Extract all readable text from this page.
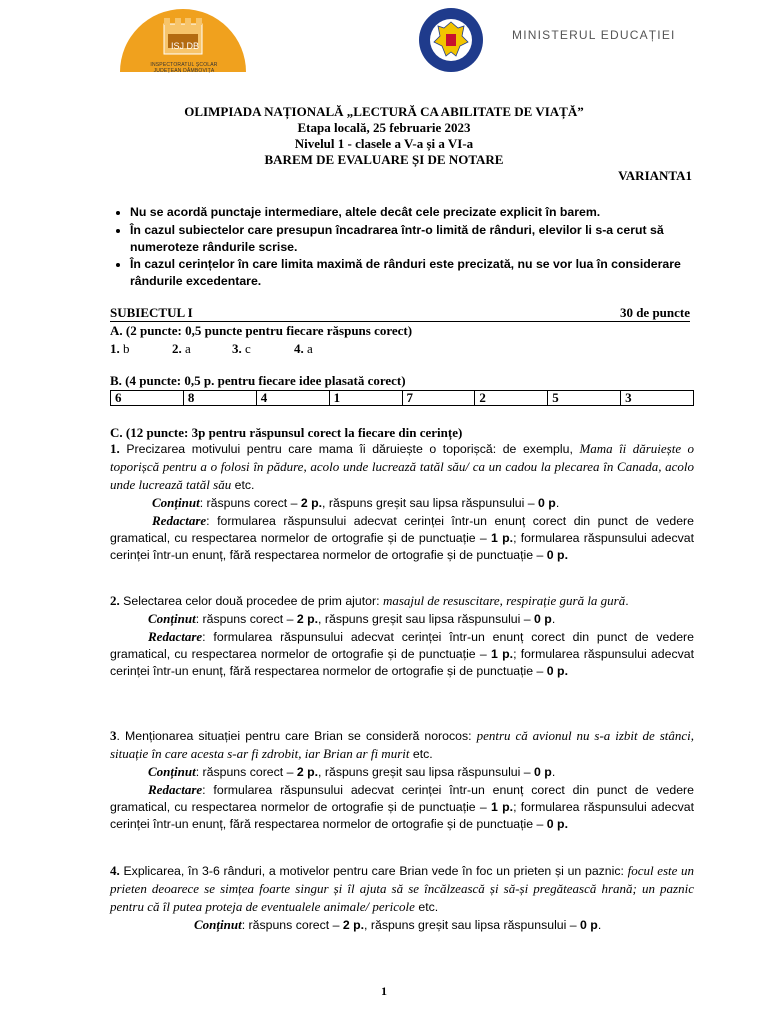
ISJ DB
INSPECTORATUL ȘCOLAR JUDEȚEAN DÂMBOVIȚA
MINISTERUL EDUCAȚIEI
OLIMPIADA NAȚIONALĂ „LECTURĂ CA ABILITATE DE VIAȚĂ”
Etapa locală, 25 februarie 2023
Nivelul 1 - clasele a V-a și a VI-a
BAREM DE EVALUARE ȘI DE NOTARE
VARIANTA1
• Nu se acordă punctaje intermediare, altele decât cele precizate explicit în barem.
• În cazul subiectelor care presupun încadrarea într-o limită de rânduri, elevilor li s-a cerut să numeroteze rândurile scrise.
• În cazul cerințelor în care limita maximă de rânduri este precizată, nu se vor lua în considerare rândurile excedentare.
SUBIECTUL I	30 de puncte
A. (2 puncte: 0,5 puncte pentru fiecare răspuns corect)
1. b	2. a	3. c	4. a
B. (4 puncte: 0,5 p. pentru fiecare idee plasată corect)
6	8	4	1	7	2	5	3
C. (12 puncte: 3p pentru răspunsul corect la fiecare din cerințe)
1. Precizarea motivului pentru care mama îi dăruiește o toporișcă: de exemplu, Mama îi dăruiește o toporișcă pentru a o folosi în pădure, acolo unde lucrează tatăl său/ ca un cadou la plecarea în Canada, acolo unde lucrează tatăl său etc.
Conținut: răspuns corect – 2 p., răspuns greșit sau lipsa răspunsului – 0 p.
Redactare: formularea răspunsului adecvat cerinței într-un enunț corect din punct de vedere gramatical, cu respectarea normelor de ortografie și de punctuație – 1 p.; formularea răspunsului adecvat cerinței într-un enunț, fără respectarea normelor de ortografie și de punctuație – 0 p.
2. Selectarea celor două procedee de prim ajutor: masajul de resuscitare, respirație gură la gură.
Conținut: răspuns corect – 2 p., răspuns greșit sau lipsa răspunsului – 0 p.
Redactare: formularea răspunsului adecvat cerinței într-un enunț corect din punct de vedere gramatical, cu respectarea normelor de ortografie și de punctuație – 1 p.; formularea răspunsului adecvat cerinței într-un enunț, fără respectarea normelor de ortografie și de punctuație – 0 p.
3. Menționarea situației pentru care Brian se consideră norocos: pentru că avionul nu s-a izbit de stânci, situație în care acesta s-ar fi zdrobit, iar Brian ar fi murit etc.
Conținut: răspuns corect – 2 p., răspuns greșit sau lipsa răspunsului – 0 p.
Redactare: formularea răspunsului adecvat cerinței într-un enunț corect din punct de vedere gramatical, cu respectarea normelor de ortografie și de punctuație – 1 p.; formularea răspunsului adecvat cerinței într-un enunț, fără respectarea normelor de ortografie și de punctuație – 0 p.
4. Explicarea, în 3-6 rânduri, a motivelor pentru care Brian vede în foc un prieten și un paznic: focul este un prieten deoarece se simțea foarte singur și îl ajuta să se încălzească și să-și pregătească hrană; un paznic pentru că îl putea proteja de eventualele animale/ pericole etc.
Conținut: răspuns corect – 2 p., răspuns greșit sau lipsa răspunsului – 0 p.
1
